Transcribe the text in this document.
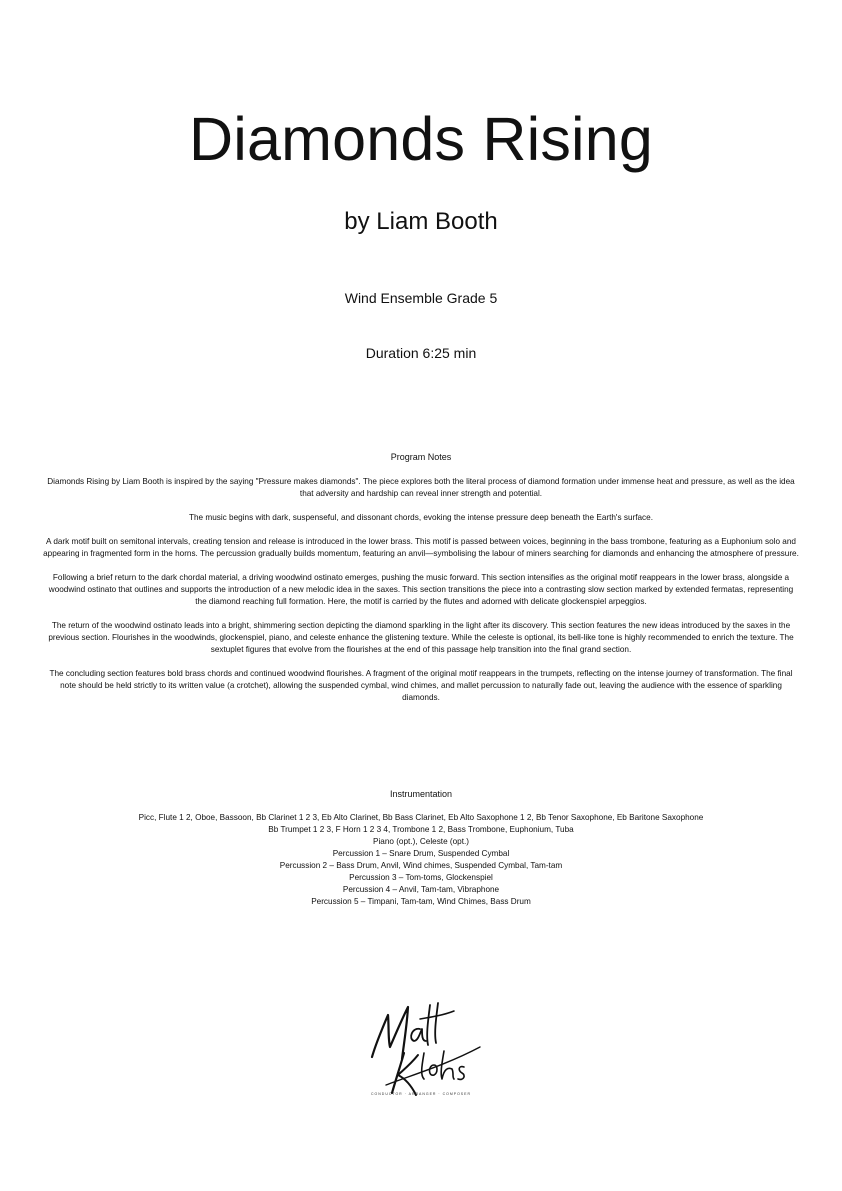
Diamonds Rising
by Liam Booth
Wind Ensemble Grade 5
Duration 6:25 min
Program Notes

Diamonds Rising by Liam Booth is inspired by the saying "Pressure makes diamonds". The piece explores both the literal process of diamond formation under immense heat and pressure, as well as the idea that adversity and hardship can reveal inner strength and potential.

The music begins with dark, suspenseful, and dissonant chords, evoking the intense pressure deep beneath the Earth's surface.

A dark motif built on semitonal intervals, creating tension and release is introduced in the lower brass. This motif is passed between voices, beginning in the bass trombone, featuring as a Euphonium solo and appearing in fragmented form in the horns. The percussion gradually builds momentum, featuring an anvil—symbolising the labour of miners searching for diamonds and enhancing the atmosphere of pressure.

Following a brief return to the dark chordal material, a driving woodwind ostinato emerges, pushing the music forward. This section intensifies as the original motif reappears in the lower brass, alongside a woodwind ostinato that outlines and supports the introduction of a new melodic idea in the saxes. This section transitions the piece into a contrasting slow section marked by extended fermatas, representing the diamond reaching full formation. Here, the motif is carried by the flutes and adorned with delicate glockenspiel arpeggios.

The return of the woodwind ostinato leads into a bright, shimmering section depicting the diamond sparkling in the light after its discovery. This section features the new ideas introduced by the saxes in the previous section. Flourishes in the woodwinds, glockenspiel, piano, and celeste enhance the glistening texture. While the celeste is optional, its bell-like tone is highly recommended to enrich the texture. The sextuplet figures that evolve from the flourishes at the end of this passage help transition into the final grand section.

The concluding section features bold brass chords and continued woodwind flourishes. A fragment of the original motif reappears in the trumpets, reflecting on the intense journey of transformation. The final note should be held strictly to its written value (a crotchet), allowing the suspended cymbal, wind chimes, and mallet percussion to naturally fade out, leaving the audience with the essence of sparkling diamonds.

Instrumentation
Picc, Flute 1 2, Oboe, Bassoon, Bb Clarinet 1 2 3, Eb Alto Clarinet, Bb Bass Clarinet, Eb Alto Saxophone 1 2, Bb Tenor Saxophone, Eb Baritone Saxophone
Bb Trumpet 1 2 3, F Horn 1 2 3 4, Trombone 1 2, Bass Trombone, Euphonium, Tuba
Piano (opt.), Celeste (opt.)
Percussion 1 – Snare Drum, Suspended Cymbal
Percussion 2 – Bass Drum, Anvil, Wind chimes, Suspended Cymbal, Tam-tam
Percussion 3 – Tom-toms, Glockenspiel
Percussion 4 – Anvil, Tam-tam, Vibraphone
Percussion 5 – Timpani, Tam-tam, Wind Chimes, Bass Drum
CONDUCTOR · ARRANGER · COMPOSER
